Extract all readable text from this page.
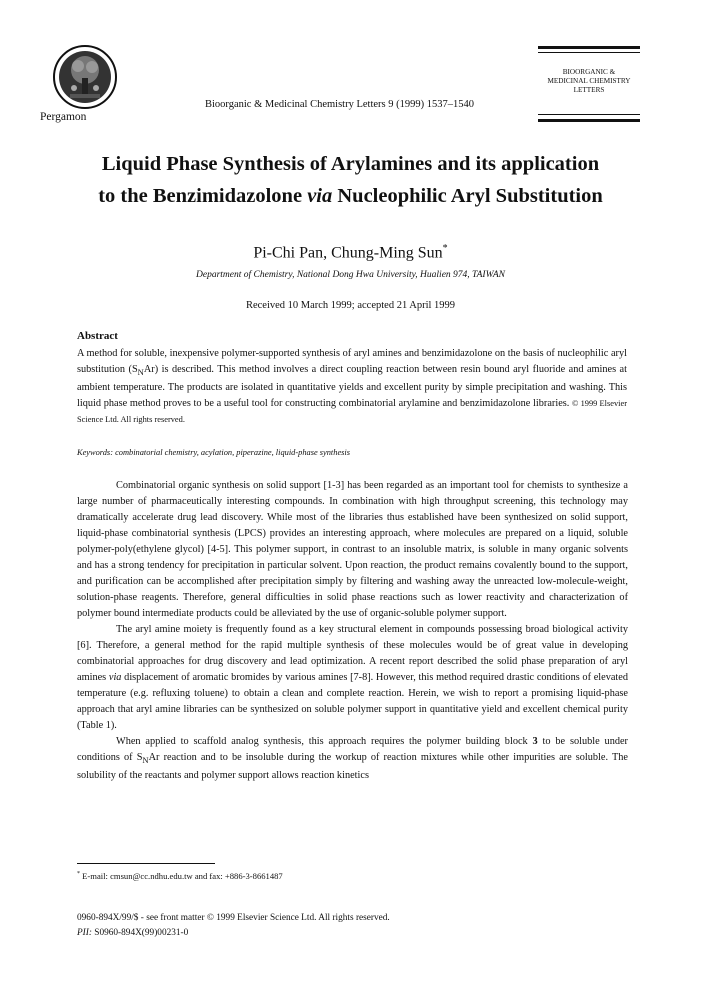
Pergamon
Bioorganic & Medicinal Chemistry Letters 9 (1999) 1537–1540
BIOORGANIC &
MEDICINAL CHEMISTRY
LETTERS
Liquid Phase Synthesis of Arylamines and its application
to the Benzimidazolone via Nucleophilic Aryl Substitution
Pi-Chi Pan, Chung-Ming Sun*
Department of Chemistry, National Dong Hwa University, Hualien 974, TAIWAN
Received 10 March 1999; accepted 21 April 1999
Abstract
A method for soluble, inexpensive polymer-supported synthesis of aryl amines and benzimidazolone on the basis of nucleophilic aryl substitution $(S_NAr)$ is described. This method involves a direct coupling reaction between resin bound aryl fluoride and amines at ambient temperature. The products are isolated in quantitative yields and excellent purity by simple precipitation and washing. This liquid phase method proves to be a useful tool for constructing combinatorial arylamine and benzimidazolone libraries. © 1999 Elsevier Science Ltd. All rights reserved.
Keywords: combinatorial chemistry, acylation, piperazine, liquid-phase synthesis

Combinatorial organic synthesis on solid support [1-3] has been regarded as an important tool for chemists to synthesize a large number of pharmaceutically interesting compounds. In combination with high throughput screening, this technology may dramatically accelerate drug lead discovery. While most of the libraries thus established have been synthesized on solid support, liquid-phase combinatorial synthesis (LPCS) provides an interesting approach, where molecules are prepared on a liquid, soluble polymer-poly(ethylene glycol) [4-5]. This polymer support, in contrast to an insoluble matrix, is soluble in many organic solvents and has a strong tendency for precipitation in particular solvent. Upon reaction, the product remains covalently bound to the support, and purification can be accomplished after precipitation simply by filtering and washing away the unreacted low-molecule-weight, solution-phase reagents. Therefore, general difficulties in solid phase reactions such as lower reactivity and characterization of polymer bound intermediate products could be alleviated by the use of organic-soluble polymer support.

The aryl amine moiety is frequently found as a key structural element in compounds possessing broad biological activity [6]. Therefore, a general method for the rapid multiple synthesis of these molecules would be of great value in developing combinatorial approaches for drug discovery and lead optimization. A recent report described the solid phase preparation of aryl amines via displacement of aromatic bromides by various amines [7-8]. However, this method required drastic conditions of elevated temperature (e.g. refluxing toluene) to obtain a clean and complete reaction. Herein, we wish to report a promising liquid-phase approach that aryl amine libraries can be synthesized on soluble polymer support in quantitative yield and excellent chemical purity (Table 1).

When applied to scaffold analog synthesis, this approach requires the polymer building block 3 to be soluble under conditions of $S_NAr$ reaction and to be insoluble during the workup of reaction mixtures while other impurities are soluble. The solubility of the reactants and polymer support allows reaction kinetics

* E-mail: cmsun@cc.ndhu.edu.tw and fax: +886-3-8661487
0960-894X/99/$ - see front matter © 1999 Elsevier Science Ltd. All rights reserved.
PII: S0960-894X(99)00231-0
